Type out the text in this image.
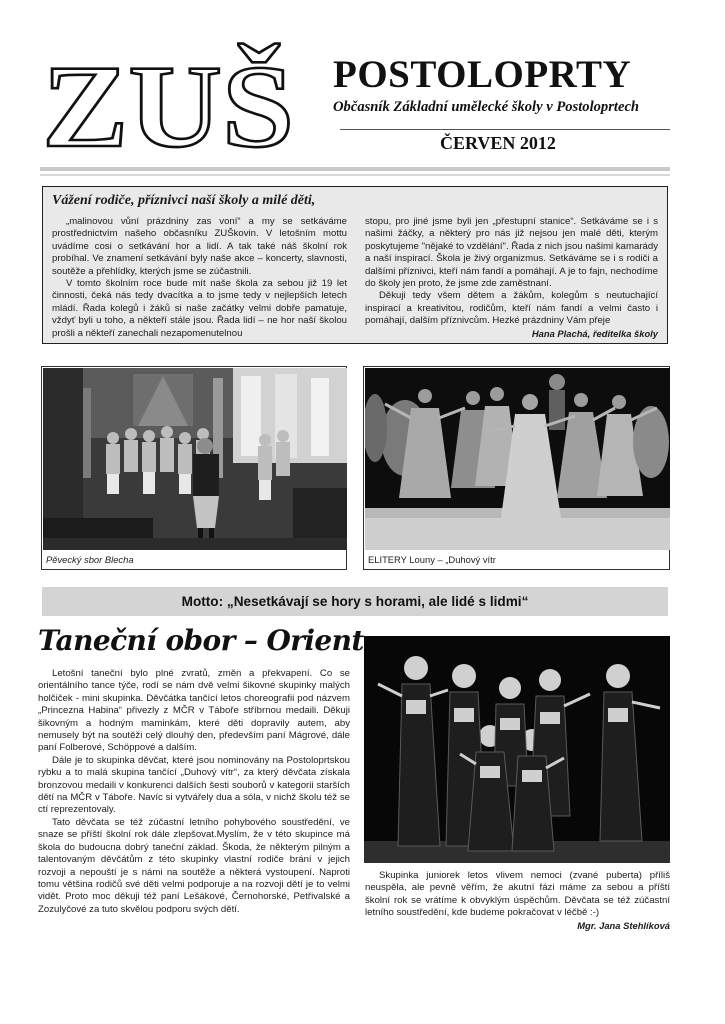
ZUŠ POSTOLOPRTY
Občasník Základní umělecké školy v Postoloprtech
ČERVEN 2012
Vážení rodiče, příznivci naší školy a milé děti,

„malinovou vůní prázdniny zas voní“ a my se setkáváme prostřednictvím našeho občasníku ZUŠkovin. V letošním mottu uvádíme cosi o setkávání hor a lidí. A tak také náš školní rok probíhal. Ve znamení setkávání byly naše akce – koncerty, slavnosti, soutěže a přehlídky, kterých jsme se zúčastnili.

V tomto školním roce bude mít naše škola za sebou již 19 let činnosti, čeká nás tedy dvacítka a to jsme tedy v nejlepších letech mládí. Řada kolegů i žáků si naše začátky velmi dobře pamatuje, vždyť byli u toho, a někteří stále jsou. Řada lidí – ne hor naší školou prošli a někteří zanechali nezapomenutelnou

stopu, pro jiné jsme byli jen „přestupní stanice“. Setkáváme se i s našimi žáčky, a některý pro nás již nejsou jen malé děti, kterým poskytujeme "nějaké to vzdělání". Řada z nich jsou našimi kamarády a naší inspirací. Škola je živý organizmus. Setkáváme se i s rodiči a dalšími příznivci, kteří nám fandí a pomáhají. A je to fajn, nechodíme do školy jen proto, že jsme zde zaměstnaní.

Děkuji tedy všem dětem a žákům, kolegům s neutuchající inspirací a kreativitou, rodičům, kteří nám fandí a velmi často i pomáhají, dalším příznivcům. Hezké prázdniny Vám přeje

Hana Plachá, ředitelka školy

Pěvecký sbor Blecha	ELITERY Louny – „Duhový vítr
Motto: „Nesetkávají se hory s horami, ale lidé s lidmi“
Taneční obor – Orient

Letošní taneční bylo plné zvratů, změn a překvapení. Co se orientálního tance týče, rodí se nám dvě velmi šikovné skupinky malých holčiček - mini skupinka. Děvčátka tančící letos choreografii pod názvem „Princezna Habina“ přivezly z MČR v Táboře stříbrnou medaili. Děkuji šikovným a hodným maminkám, které děti dopravily autem, aby nemusely být na soutěži celý dlouhý den, především paní Mágrové, dále paní Folberové, Schöppové a dalším.

Dále je to skupinka děvčat, které jsou nominovány na Postoloprtskou rybku a to malá skupina tančící „Duhový vítr“, za který děvčata získala bronzovou medaili v konkurenci dalších šesti souborů v kategorii starších dětí na MČR v Táboře. Navíc si vytvářely dua a sóla, v nichž školu též se ctí reprezentovaly.

Tato děvčata se též zúčastní letního pohybového soustředění, ve snaze se příští školní rok dále zlepšovat.Myslím, že v této skupince má škola do budoucna dobrý taneční základ. Škoda, že některým pilným a talentovaným děvčátům z této skupinky vlastní rodiče brání v jejich rozvoji a nepouští je s námi na soutěže a některá vystoupení. Naproti tomu většina rodičů své děti velmi podporuje a na rozvoji dětí je to velmi vidět. Proto moc děkuji též paní Lešákové, Černohorské, Petřivalské a Zozulyčové za tuto skvělou podporu svých dětí.

Skupinka juniorek letos vlivem nemoci (zvané puberta) příliš neuspěla, ale pevně věřím, že akutní fázi máme za sebou a příští školní rok se vrátíme k obvyklým úspěchům. Děvčata se též zúčastní letního soustředění, kde budeme pokračovat v léčbě :-)

Mgr. Jana Stehlíková
